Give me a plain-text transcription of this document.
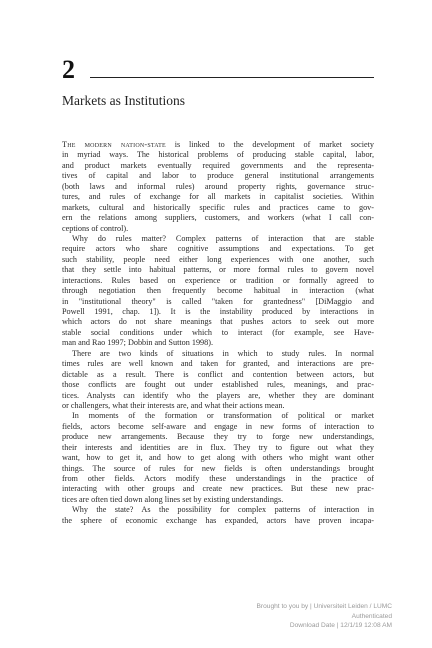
2
Markets as Institutions
The modern nation-state is linked to the development of market society
in myriad ways. The historical problems of producing stable capital, labor,
and product markets eventually required governments and the representa-
tives of capital and labor to produce general institutional arrangements
(both laws and informal rules) around property rights, governance struc-
tures, and rules of exchange for all markets in capitalist societies. Within
markets, cultural and historically specific rules and practices came to gov-
ern the relations among suppliers, customers, and workers (what I call con-
ceptions of control).
Why do rules matter? Complex patterns of interaction that are stable
require actors who share cognitive assumptions and expectations. To get
such stability, people need either long experiences with one another, such
that they settle into habitual patterns, or more formal rules to govern novel
interactions. Rules based on experience or tradition or formally agreed to
through negotiation then frequently become habitual in interaction (what
in "institutional theory" is called "taken for grantedness" [DiMaggio and
Powell 1991, chap. 1]). It is the instability produced by interactions in
which actors do not share meanings that pushes actors to seek out more
stable social conditions under which to interact (for example, see Have-
man and Rao 1997; Dobbin and Sutton 1998).
There are two kinds of situations in which to study rules. In normal
times rules are well known and taken for granted, and interactions are pre-
dictable as a result. There is conflict and contention between actors, but
those conflicts are fought out under established rules, meanings, and prac-
tices. Analysts can identify who the players are, whether they are dominant
or challengers, what their interests are, and what their actions mean.
In moments of the formation or transformation of political or market
fields, actors become self-aware and engage in new forms of interaction to
produce new arrangements. Because they try to forge new understandings,
their interests and identities are in flux. They try to figure out what they
want, how to get it, and how to get along with others who might want other
things. The source of rules for new fields is often understandings brought
from other fields. Actors modify these understandings in the practice of
interacting with other groups and create new practices. But these new prac-
tices are often tied down along lines set by existing understandings.
Why the state? As the possibility for complex patterns of interaction in
the sphere of economic exchange has expanded, actors have proven incapa-
Brought to you by | Universiteit Leiden / LUMC
Authenticated
Download Date | 12/1/19 12:08 AM
